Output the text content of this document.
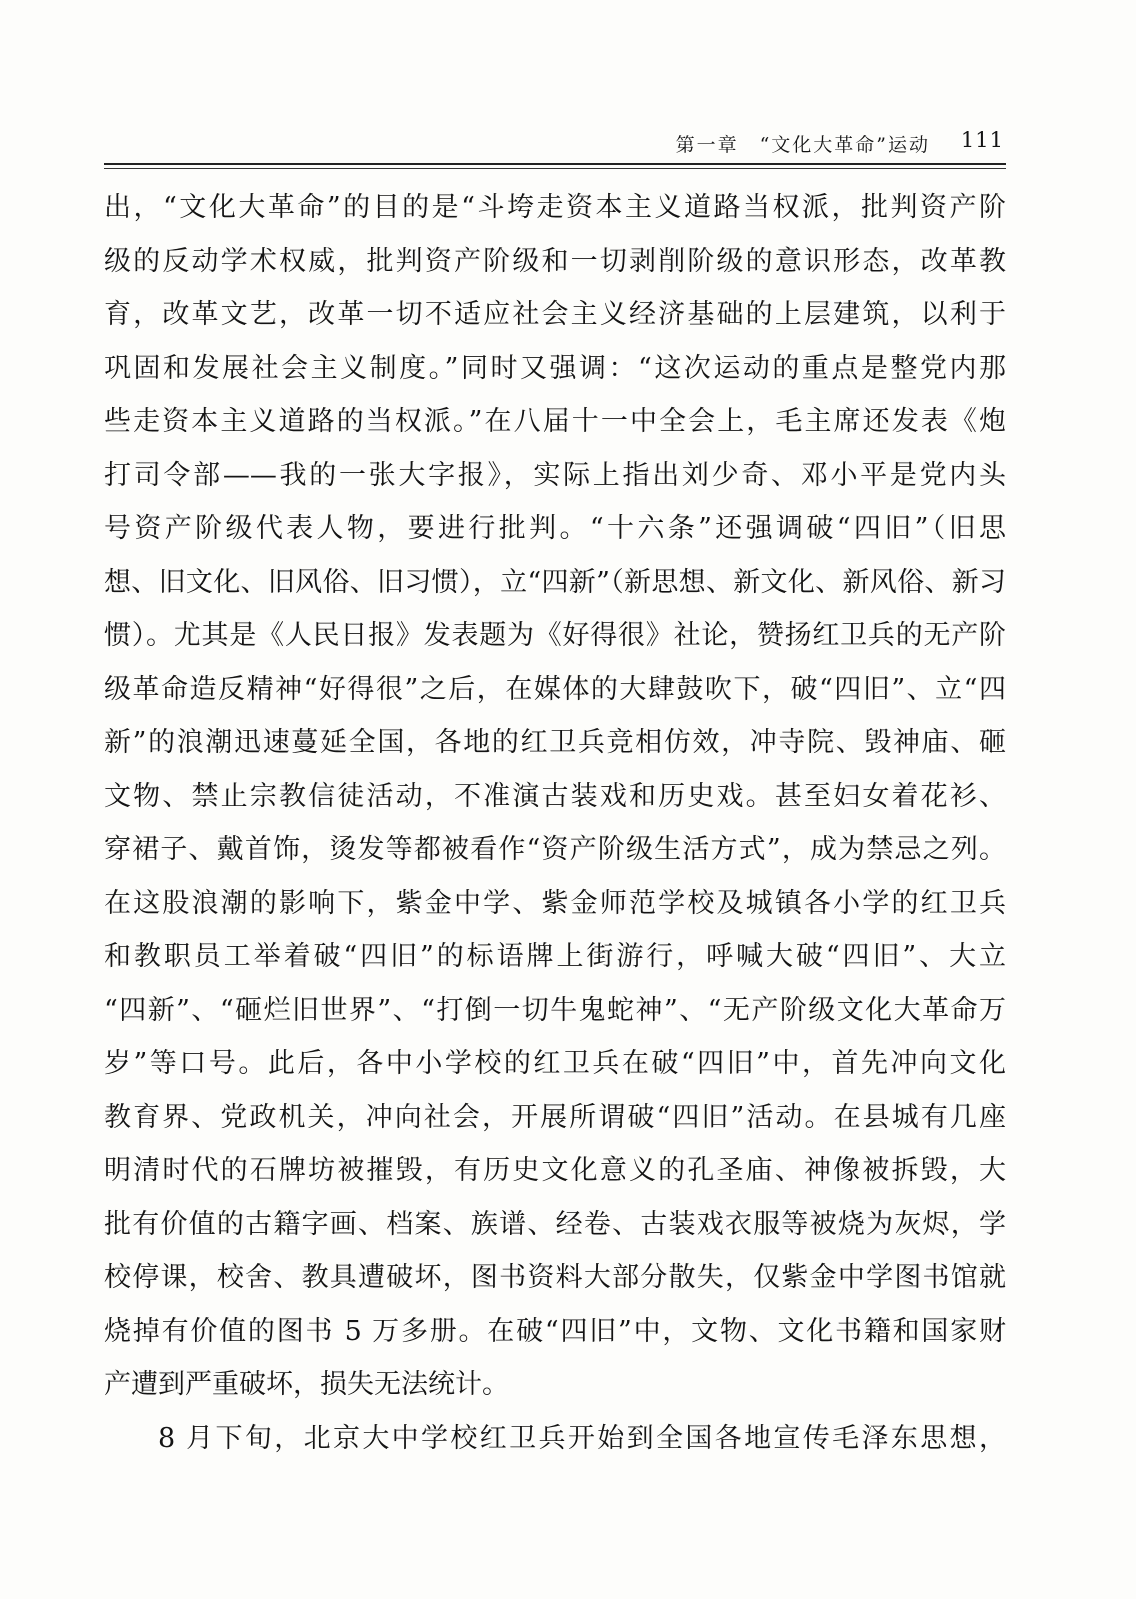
第一章　“文化大革命”运动 111
出，“文化大革命”的目的是“斗垮走资本主义道路当权派，批判资产阶
级的反动学术权威，批判资产阶级和一切剥削阶级的意识形态，改革教
育，改革文艺，改革一切不适应社会主义经济基础的上层建筑，以利于
巩固和发展社会主义制度。”同时又强调：“这次运动的重点是整党内那
些走资本主义道路的当权派。”在八届十一中全会上，毛主席还发表《炮
打司令部——我的一张大字报》，实际上指出刘少奇、邓小平是党内头
号资产阶级代表人物，要进行批判。“十六条”还强调破“四旧”（旧思
想、旧文化、旧风俗、旧习惯），立“四新”（新思想、新文化、新风俗、新习
惯）。尤其是《人民日报》发表题为《好得很》社论，赞扬红卫兵的无产阶
级革命造反精神“好得很”之后，在媒体的大肆鼓吹下，破“四旧”、立“四
新”的浪潮迅速蔓延全国，各地的红卫兵竞相仿效，冲寺院、毁神庙、砸
文物、禁止宗教信徒活动，不准演古装戏和历史戏。甚至妇女着花衫、
穿裙子、戴首饰，烫发等都被看作“资产阶级生活方式”，成为禁忌之列。
在这股浪潮的影响下，紫金中学、紫金师范学校及城镇各小学的红卫兵
和教职员工举着破“四旧”的标语牌上街游行，呼喊大破“四旧”、大立
“四新”、“砸烂旧世界”、“打倒一切牛鬼蛇神”、“无产阶级文化大革命万
岁”等口号。此后，各中小学校的红卫兵在破“四旧”中，首先冲向文化
教育界、党政机关，冲向社会，开展所谓破“四旧”活动。在县城有几座
明清时代的石牌坊被摧毁，有历史文化意义的孔圣庙、神像被拆毁，大
批有价值的古籍字画、档案、族谱、经卷、古装戏衣服等被烧为灰烬，学
校停课，校舍、教具遭破坏，图书资料大部分散失，仅紫金中学图书馆就
烧掉有价值的图书 5 万多册。在破“四旧”中，文物、文化书籍和国家财
产遭到严重破坏，损失无法统计。
8 月下旬，北京大中学校红卫兵开始到全国各地宣传毛泽东思想，
